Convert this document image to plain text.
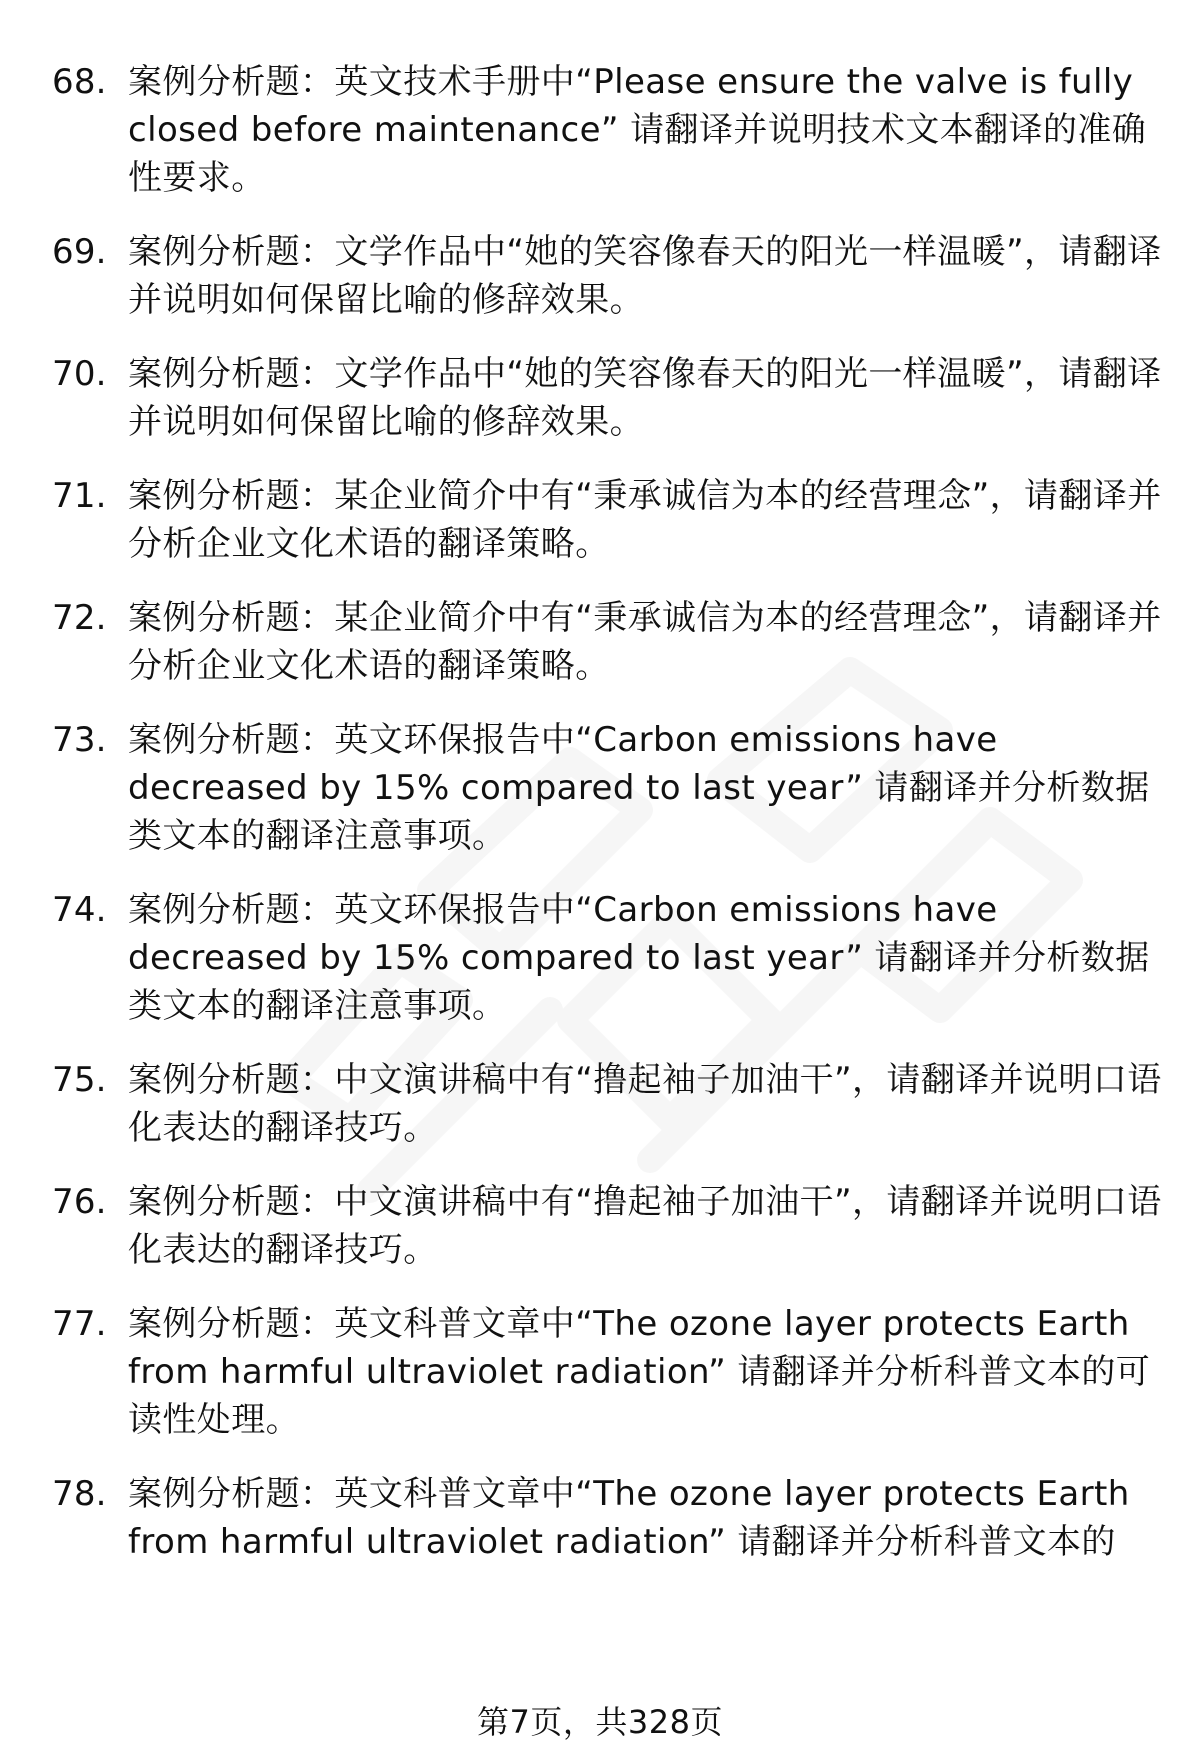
68. 案例分析题：英文技术手册中“Please ensure the valve is fully closed before maintenance” 请翻译并说明技术文本翻译的准确性要求。
69. 案例分析题：文学作品中“她的笑容像春天的阳光一样温暖”，请翻译并说明如何保留比喻的修辞效果。
70. 案例分析题：文学作品中“她的笑容像春天的阳光一样温暖”，请翻译并说明如何保留比喻的修辞效果。
71. 案例分析题：某企业简介中有“秉承诚信为本的经营理念”，请翻译并分析企业文化术语的翻译策略。
72. 案例分析题：某企业简介中有“秉承诚信为本的经营理念”，请翻译并分析企业文化术语的翻译策略。
73. 案例分析题：英文环保报告中“Carbon emissions have decreased by 15% compared to last year” 请翻译并分析数据类文本的翻译注意事项。
74. 案例分析题：英文环保报告中“Carbon emissions have decreased by 15% compared to last year” 请翻译并分析数据类文本的翻译注意事项。
75. 案例分析题：中文演讲稿中有“撸起袖子加油干”，请翻译并说明口语化表达的翻译技巧。
76. 案例分析题：中文演讲稿中有“撸起袖子加油干”，请翻译并说明口语化表达的翻译技巧。
77. 案例分析题：英文科普文章中“The ozone layer protects Earth from harmful ultraviolet radiation” 请翻译并分析科普文本的可读性处理。
78. 案例分析题：英文科普文章中“The ozone layer protects Earth from harmful ultraviolet radiation” 请翻译并分析科普文本的
第7页，共328页
